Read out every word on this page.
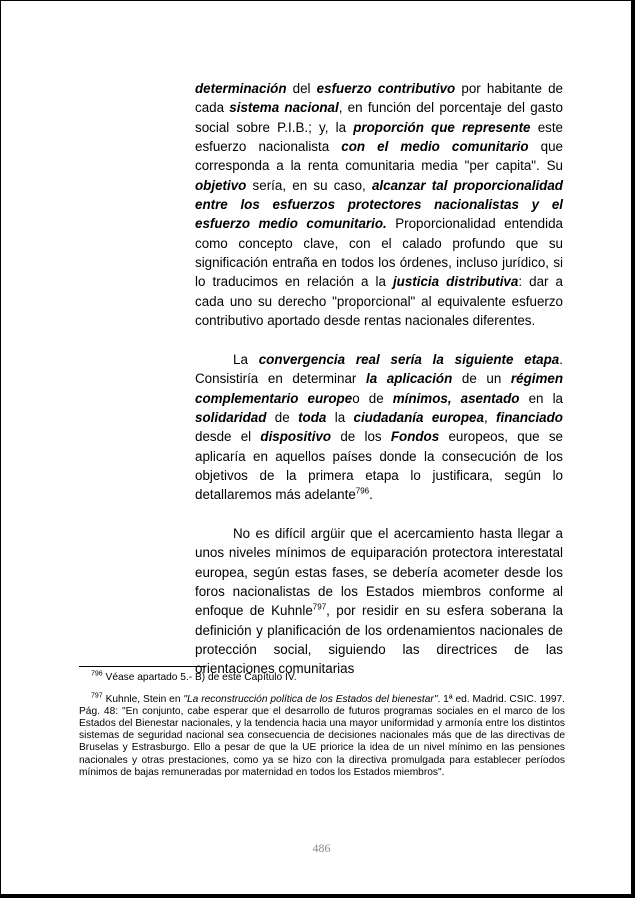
determinación del esfuerzo contributivo por habitante de cada sistema nacional, en función del porcentaje del gasto social sobre P.I.B.; y, la proporción que represente este esfuerzo nacionalista con el medio comunitario que corresponda a la renta comunitaria media "per capita". Su objetivo sería, en su caso, alcanzar tal proporcionalidad entre los esfuerzos protectores nacionalistas y el esfuerzo medio comunitario. Proporcionalidad entendida como concepto clave, con el calado profundo que su significación entraña en todos los órdenes, incluso jurídico, si lo traducimos en relación a la justicia distributiva: dar a cada uno su derecho "proporcional" al equivalente esfuerzo contributivo aportado desde rentas nacionales diferentes.

La convergencia real sería la siguiente etapa. Consistiría en determinar la aplicación de un régimen complementario europeo de mínimos, asentado en la solidaridad de toda la ciudadanía europea, financiado desde el dispositivo de los Fondos europeos, que se aplicaría en aquellos países donde la consecución de los objetivos de la primera etapa lo justificara, según lo detallaremos más adelante$^{796}$.

No es difícil argüir que el acercamiento hasta llegar a unos niveles mínimos de equiparación protectora interestatal europea, según estas fases, se debería acometer desde los foros nacionalistas de los Estados miembros conforme al enfoque de Kuhnle$^{797}$, por residir en su esfera soberana la definición y planificación de los ordenamientos nacionales de protección social, siguiendo las directrices de las orientaciones comunitarias

$^{796}$ Véase apartado 5.- B) de este Capítulo IV.

$^{797}$ Kuhnle, Stein en "La reconstrucción política de los Estados del bienestar". 1ª ed. Madrid. CSIC. 1997. Pág. 48: "En conjunto, cabe esperar que el desarrollo de futuros programas sociales en el marco de los Estados del Bienestar nacionales, y la tendencia hacia una mayor uniformidad y armonía entre los distintos sistemas de seguridad nacional sea consecuencia de decisiones nacionales más que de las directivas de Bruselas y Estrasburgo. Ello a pesar de que la UE priorice la idea de un nivel mínimo en las pensiones nacionales y otras prestaciones, como ya se hizo con la directiva promulgada para establecer períodos mínimos de bajas remuneradas por maternidad en todos los Estados miembros".

486
